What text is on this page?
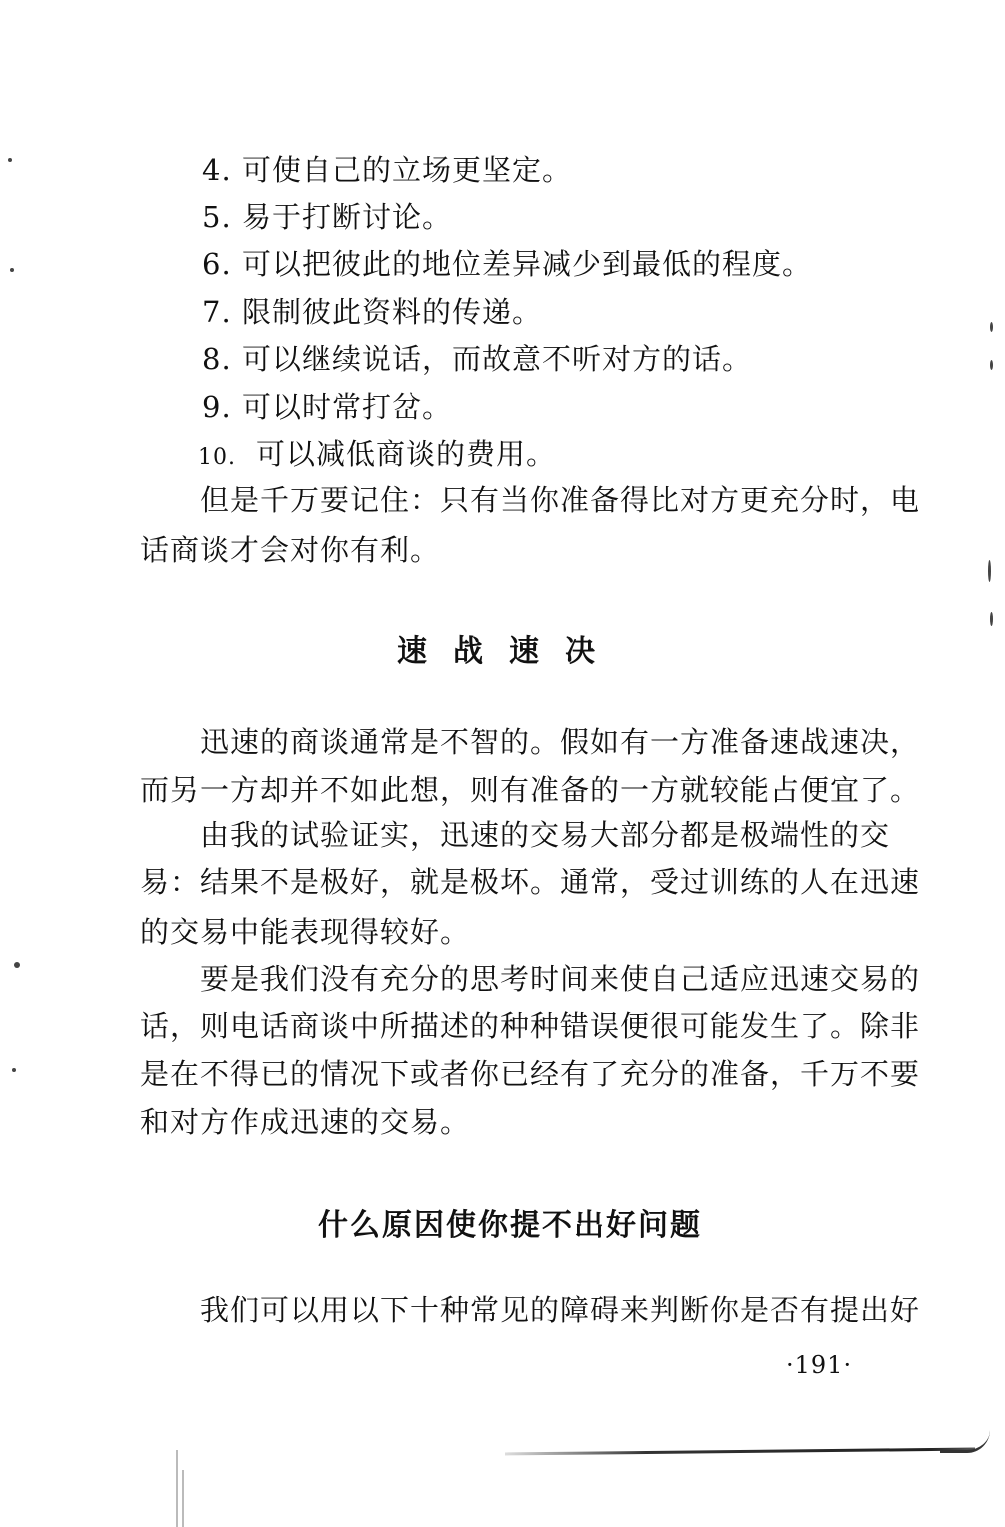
4. 可使自己的立场更坚定。
5. 易于打断讨论。
6. 可以把彼此的地位差异减少到最低的程度。
7. 限制彼此资料的传递。
8. 可以继续说话，而故意不听对方的话。
9. 可以时常打岔。
10. 可以减低商谈的费用。
但是千万要记住：只有当你准备得比对方更充分时，电
话商谈才会对你有利。
速战速决
迅速的商谈通常是不智的。假如有一方准备速战速决，
而另一方却并不如此想，则有准备的一方就较能占便宜了。
由我的试验证实，迅速的交易大部分都是极端性的交
易：结果不是极好，就是极坏。通常，受过训练的人在迅速
的交易中能表现得较好。
要是我们没有充分的思考时间来使自己适应迅速交易的
话，则电话商谈中所描述的种种错误便很可能发生了。除非
是在不得已的情况下或者你已经有了充分的准备，千万不要
和对方作成迅速的交易。
什么原因使你提不出好问题
我们可以用以下十种常见的障碍来判断你是否有提出好
·191·
